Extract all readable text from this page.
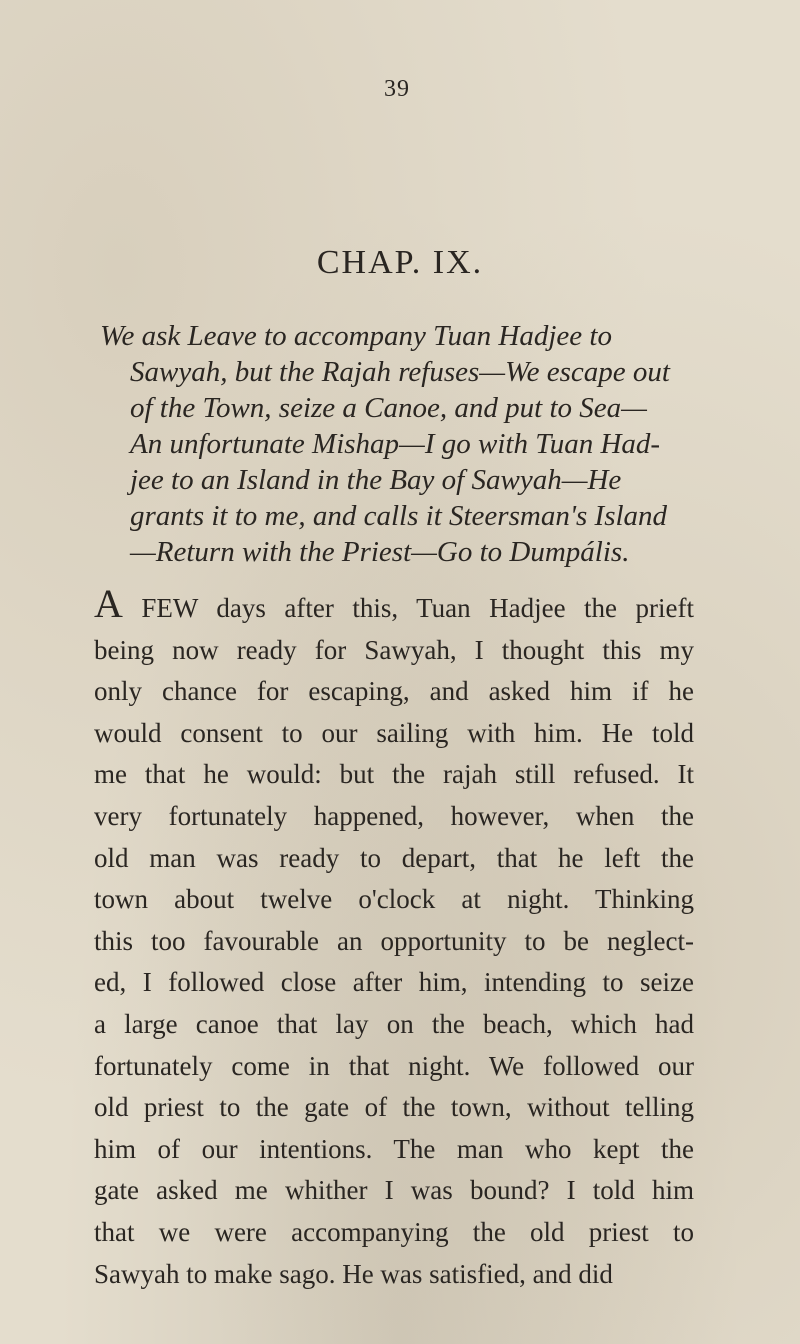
39
CHAP. IX.
We ask Leave to accompany Tuan Hadjee to
Sawyah, but the Rajah refuses—We escape out
of the Town, seize a Canoe, and put to Sea—
An unfortunate Mishap—I go with Tuan Had-
jee to an Island in the Bay of Sawyah—He
grants it to me, and calls it Steersman's Island
—Return with the Priest—Go to Dumpális.
A FEW days after this, Tuan Hadjee the prieft
being now ready for Sawyah, I thought this my
only chance for escaping, and asked him if he
would consent to our sailing with him. He told
me that he would: but the rajah still refused. It
very fortunately happened, however, when the
old man was ready to depart, that he left the
town about twelve o'clock at night. Thinking
this too favourable an opportunity to be neglect-
ed, I followed close after him, intending to seize
a large canoe that lay on the beach, which had
fortunately come in that night. We followed our
old priest to the gate of the town, without telling
him of our intentions. The man who kept the
gate asked me whither I was bound? I told him
that we were accompanying the old priest to
Sawyah to make sago. He was satisfied, and did
